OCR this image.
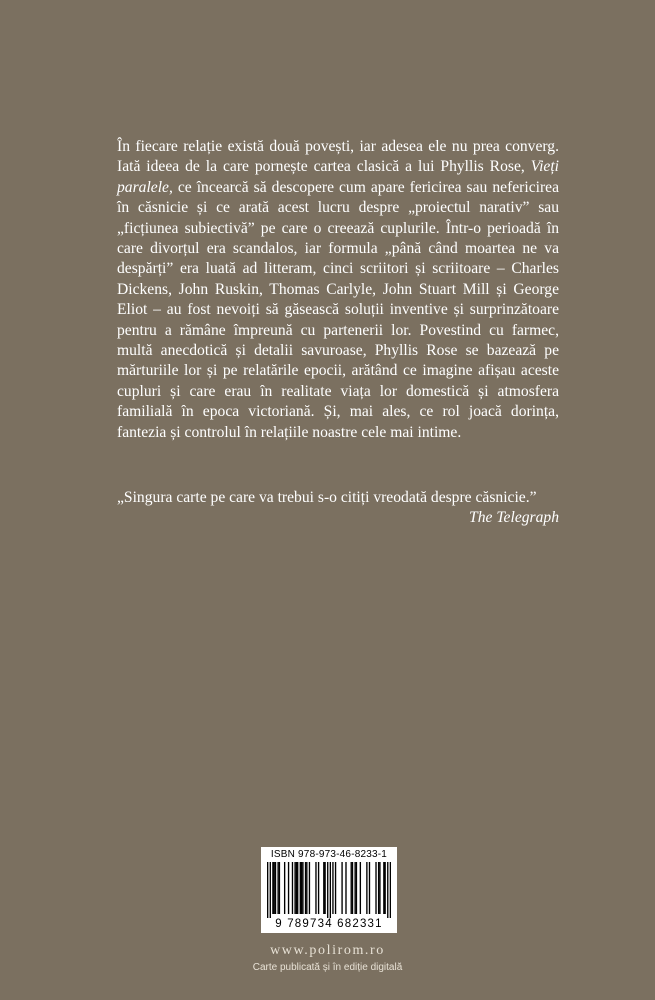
În fiecare relație există două povești, iar adesea ele nu prea converg. Iată ideea de la care pornește cartea clasică a lui Phyllis Rose, Vieți paralele, ce încearcă să descopere cum apare fericirea sau nefericirea în căsnicie și ce arată acest lucru despre „proiectul narativ” sau „ficțiunea subiectivă” pe care o creează cuplurile. Într-o perioadă în care divorțul era scandalos, iar formula „până când moartea ne va despărți” era luată ad litteram, cinci scriitori și scriitoare – Charles Dickens, John Ruskin, Thomas Carlyle, John Stuart Mill și George Eliot – au fost nevoiți să găsească soluții inventive și surprinzătoare pentru a rămâne împreună cu partenerii lor. Povestind cu farmec, multă anecdotică și detalii savuroase, Phyllis Rose se bazează pe mărturiile lor și pe relatările epocii, arătând ce imagine afișau aceste cupluri și care erau în realitate viața lor domestică și atmosfera familială în epoca victoriană. Și, mai ales, ce rol joacă dorința, fantezia și controlul în relațiile noastre cele mai intime.

„Singura carte pe care va trebui s-o citiți vreodată despre căsnicie.”
The Telegraph
ISBN 978-973-46-8233-1
9 789734 682331
www.polirom.ro
Carte publicată și în ediție digitală
